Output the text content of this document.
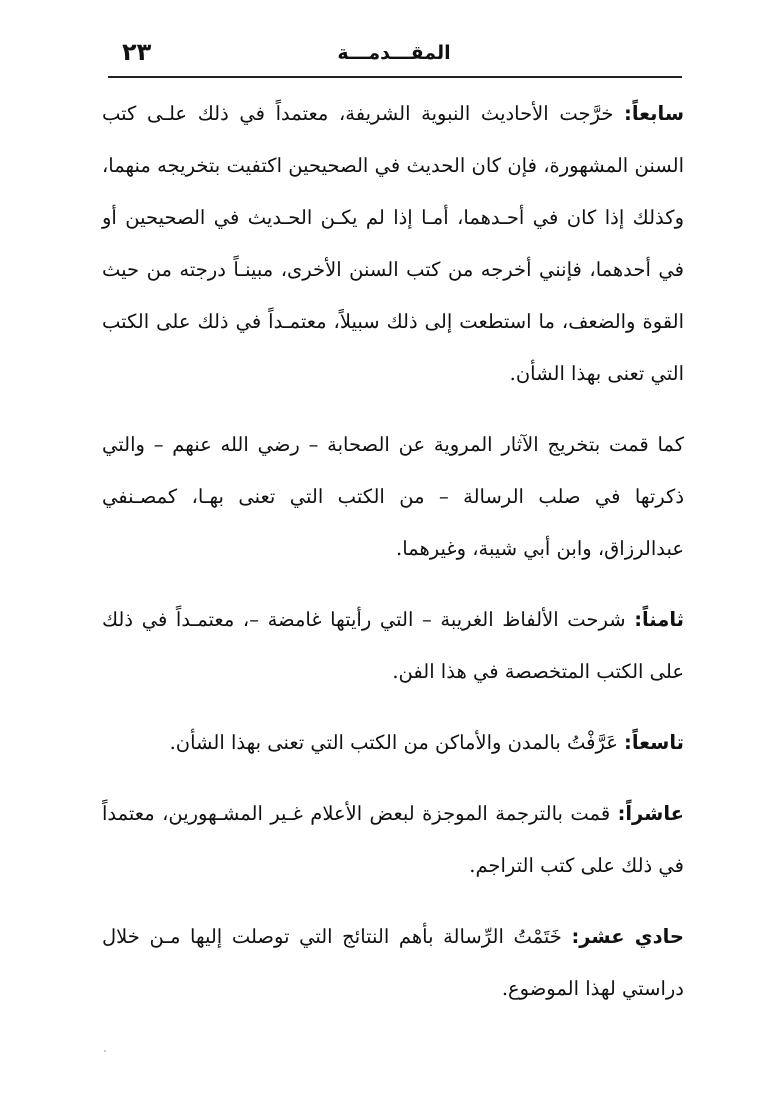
المقـــدمـــة
٢٣

سابعاً: خرَّجت الأحاديث النبوية الشريفة، معتمداً في ذلك علـى كتب السنن المشهورة، فإن كان الحديث في الصحيحين اكتفيت بتخريجه منهما، وكذلك إذا كان في أحـدهما، أمـا إذا لم يكـن الحـديث في الصحيحين أو في أحدهما، فإنني أخرجه من كتب السنن الأخرى، مبينـاً درجته من حيث القوة والضعف، ما استطعت إلى ذلك سبيلاً، معتمـداً في ذلك على الكتب التي تعنى بهذا الشأن.

كما قمت بتخريج الآثار المروية عن الصحابة – رضي الله عنهم – والتي ذكرتها في صلب الرسالة – من الكتب التي تعنى بهـا، كمصـنفي عبدالرزاق، وابن أبي شيبة، وغيرهما.

ثامناً: شرحت الألفاظ الغريبة – التي رأيتها غامضة –، معتمـداً في ذلك على الكتب المتخصصة في هذا الفن.

تاسعاً: عَرَّفْتُ بالمدن والأماكن من الكتب التي تعنى بهذا الشأن.

عاشراً: قمت بالترجمة الموجزة لبعض الأعلام غـير المشـهورين، معتمداً في ذلك على كتب التراجم.

حادي عشر: خَتَمْتُ الرِّسالة بأهم النتائج التي توصلت إليها مـن خلال دراستي لهذا الموضوع.
